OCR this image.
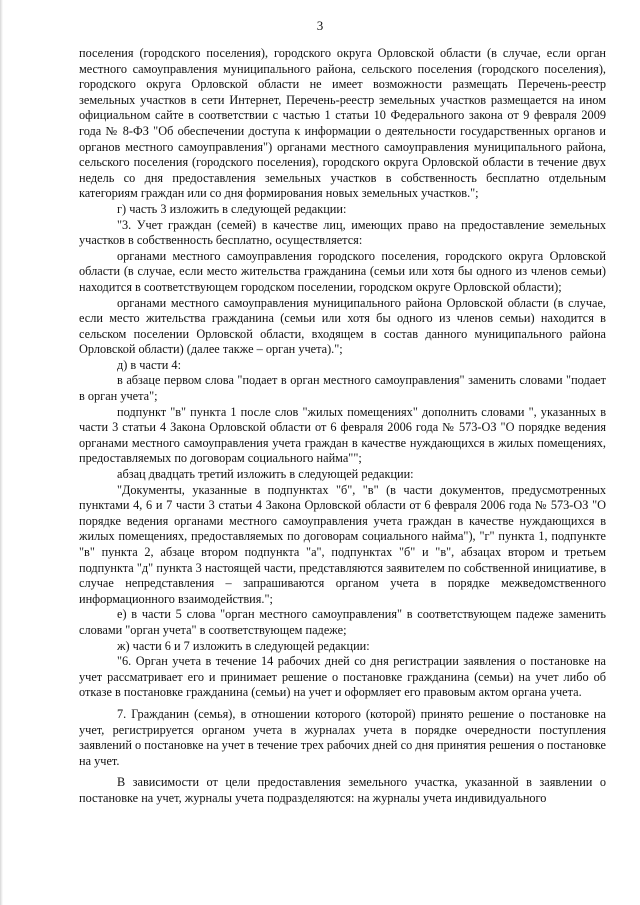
3

поселения (городского поселения), городского округа Орловской области (в случае, если орган местного самоуправления муниципального района, сельского поселения (городского поселения), городского округа Орловской области не имеет возможности размещать Перечень-реестр земельных участков в сети Интернет, Перечень-реестр земельных участков размещается на ином официальном сайте в соответствии с частью 1 статьи 10 Федерального закона от 9 февраля 2009 года № 8-ФЗ "Об обеспечении доступа к информации о деятельности государственных органов и органов местного самоуправления") органами местного самоуправления муниципального района, сельского поселения (городского поселения), городского округа Орловской области в течение двух недель со дня предоставления земельных участков в собственность бесплатно отдельным категориям граждан или со дня формирования новых земельных участков.";

г) часть 3 изложить в следующей редакции:

"3. Учет граждан (семей) в качестве лиц, имеющих право на предоставление земельных участков в собственность бесплатно, осуществляется:

органами местного самоуправления городского поселения, городского округа Орловской области (в случае, если место жительства гражданина (семьи или хотя бы одного из членов семьи) находится в соответствующем городском поселении, городском округе Орловской области);

органами местного самоуправления муниципального района Орловской области (в случае, если место жительства гражданина (семьи или хотя бы одного из членов семьи) находится в сельском поселении Орловской области, входящем в состав данного муниципального района Орловской области) (далее также – орган учета).";

д) в части 4:

в абзаце первом слова "подает в орган местного самоуправления" заменить словами "подает в орган учета";

подпункт "в" пункта 1 после слов "жилых помещениях" дополнить словами ", указанных в части 3 статьи 4 Закона Орловской области от 6 февраля 2006 года № 573-ОЗ "О порядке ведения органами местного самоуправления учета граждан в качестве нуждающихся в жилых помещениях, предоставляемых по договорам социального найма"";

абзац двадцать третий изложить в следующей редакции:

"Документы, указанные в подпунктах "б", "в" (в части документов, предусмотренных пунктами 4, 6 и 7 части 3 статьи 4 Закона Орловской области от 6 февраля 2006 года № 573-ОЗ "О порядке ведения органами местного самоуправления учета граждан в качестве нуждающихся в жилых помещениях, предоставляемых по договорам социального найма"), "г" пункта 1, подпункте "в" пункта 2, абзаце втором подпункта "а", подпунктах "б" и "в", абзацах втором и третьем подпункта "д" пункта 3 настоящей части, представляются заявителем по собственной инициативе, в случае непредставления – запрашиваются органом учета в порядке межведомственного информационного взаимодействия.";

е) в части 5 слова "орган местного самоуправления" в соответствующем падеже заменить словами "орган учета" в соответствующем падеже;

ж) части 6 и 7 изложить в следующей редакции:

"6. Орган учета в течение 14 рабочих дней со дня регистрации заявления о постановке на учет рассматривает его и принимает решение о постановке гражданина (семьи) на учет либо об отказе в постановке гражданина (семьи) на учет и оформляет его правовым актом органа учета.

7. Гражданин (семья), в отношении которого (которой) принято решение о постановке на учет, регистрируется органом учета в журналах учета в порядке очередности поступления заявлений о постановке на учет в течение трех рабочих дней со дня принятия решения о постановке на учет.

В зависимости от цели предоставления земельного участка, указанной в заявлении о постановке на учет, журналы учета подразделяются: на журналы учета индивидуального
